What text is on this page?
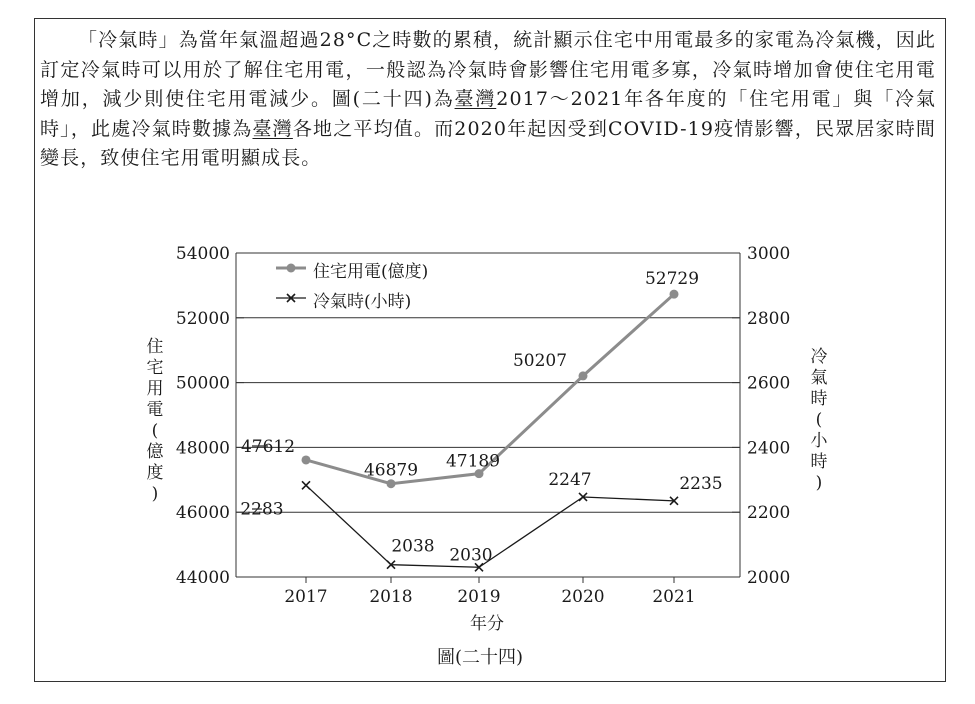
「冷氣時」為當年氣溫超過28°C之時數的累積，統計顯示住宅中用電最多的家電為冷氣機，因此訂定冷氣時可以用於了解住宅用電，一般認為冷氣時會影響住宅用電多寡，冷氣時增加會使住宅用電增加，減少則使住宅用電減少。圖(二十四)為臺灣2017～2021年各年度的「住宅用電」與「冷氣時」，此處冷氣時數據為臺灣各地之平均值。而2020年起因受到COVID-19疫情影響，民眾居家時間變長，致使住宅用電明顯成長。
54000	3000
52000	2800
50000	2600
48000	2400
46000	2200
44000	2000
2017 2018	2019	2020	2021
47612
46879 47189
50207
52729
2283
2038 2030
2247	2235
住
宅
用
電
(
億
度
)
冷
氣
時
(
小
時
)
住宅用電(億度)
冷氣時(小時)
年分
圖(二十四)
